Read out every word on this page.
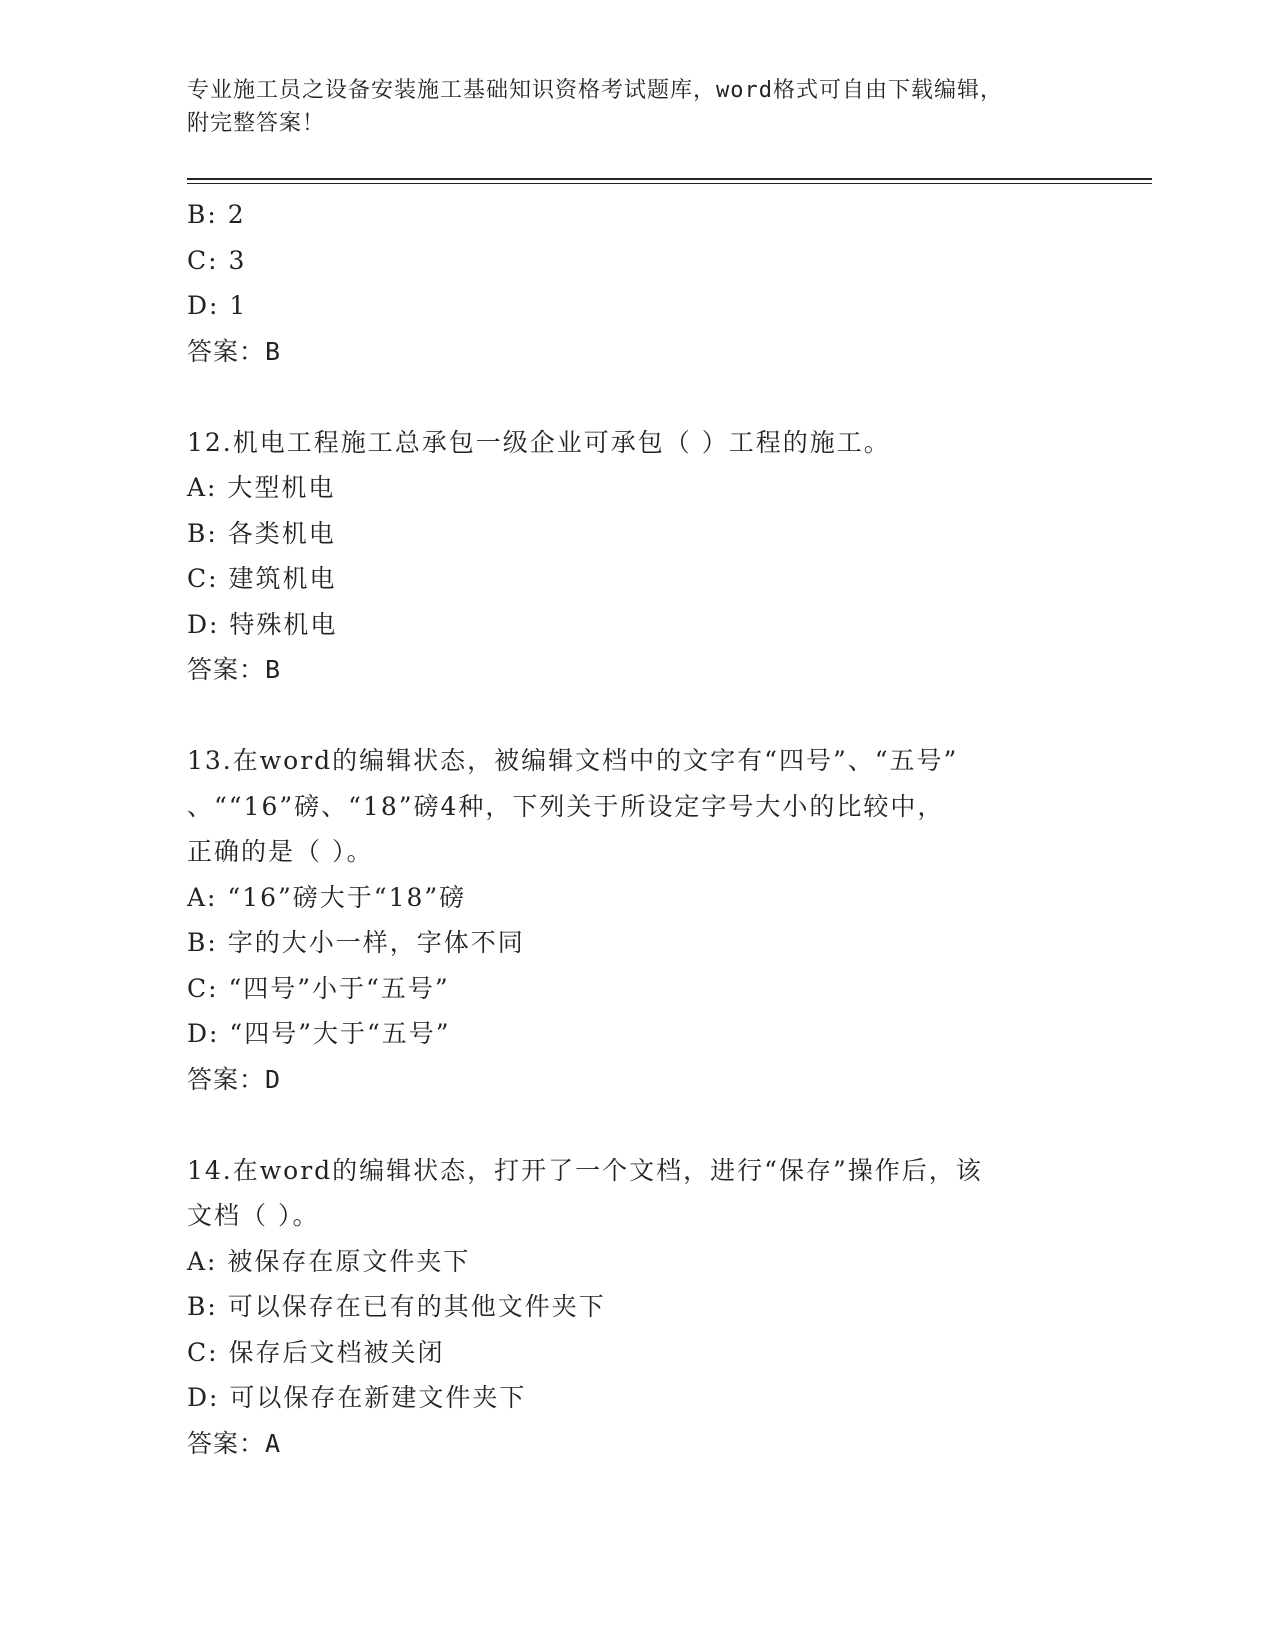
专业施工员之设备安装施工基础知识资格考试题库，word格式可自由下载编辑，
附完整答案！
B: 2
C: 3
D: 1
答案：B
12.机电工程施工总承包一级企业可承包（ ）工程的施工。
A: 大型机电
B: 各类机电
C: 建筑机电
D: 特殊机电
答案：B
13.在word的编辑状态，被编辑文档中的文字有“四号”、“五号”
、““16”磅、“18”磅4种，下列关于所设定字号大小的比较中，
正确的是（ ）。
A: “16”磅大于“18”磅
B: 字的大小一样，字体不同
C: “四号”小于“五号”
D: “四号”大于“五号”
答案：D
14.在word的编辑状态，打开了一个文档，进行“保存”操作后，该
文档（ ）。
A: 被保存在原文件夹下
B: 可以保存在已有的其他文件夹下
C: 保存后文档被关闭
D: 可以保存在新建文件夹下
答案：A
